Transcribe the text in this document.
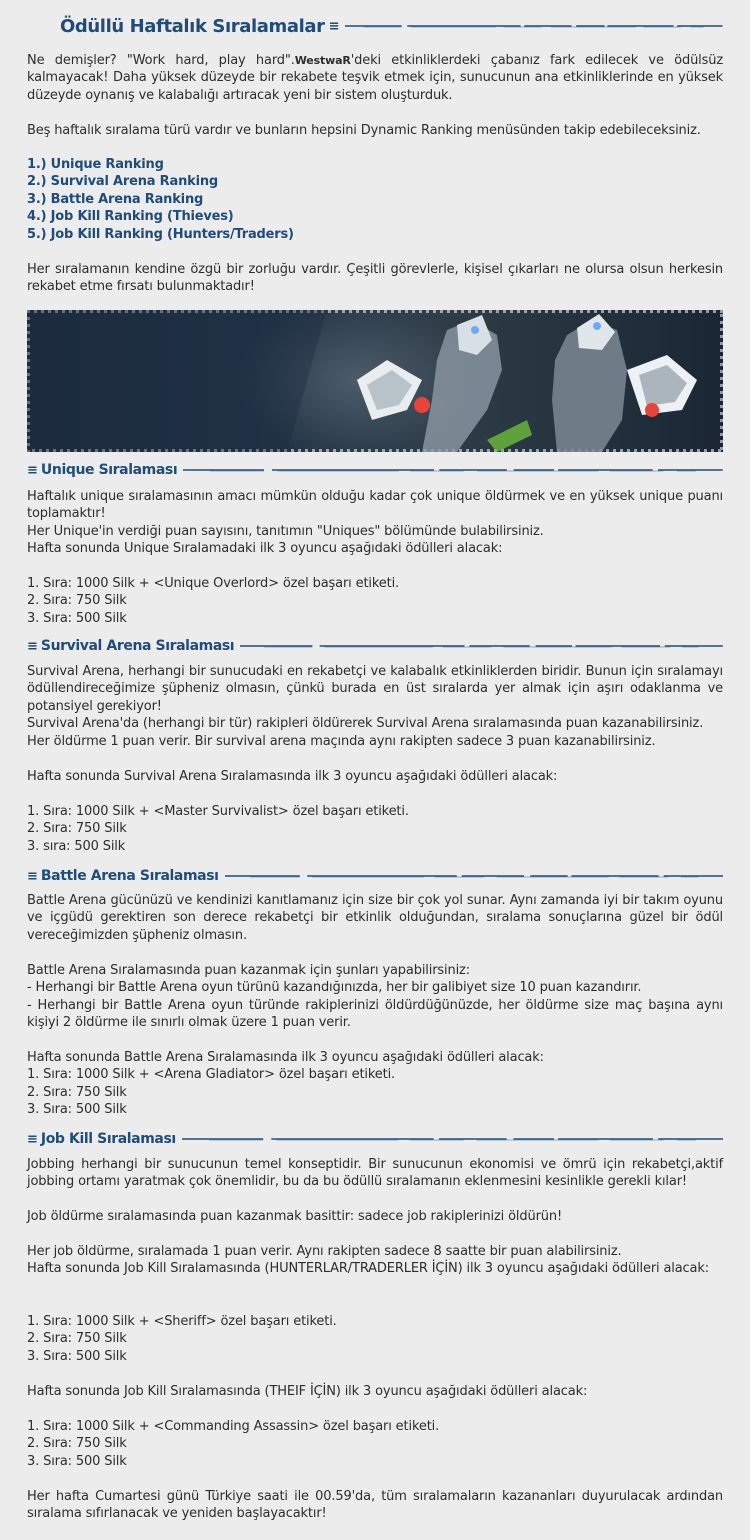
Ödüllü Haftalık Sıralamalar ≡
Ne demişler? "Work hard, play hard".WestwaR'deki etkinliklerdeki çabanız fark edilecek ve ödülsüz kalmayacak! Daha yüksek düzeyde bir rekabete teşvik etmek için, sunucunun ana etkinliklerinde en yüksek düzeyde oynanış ve kalabalığı artıracak yeni bir sistem oluşturduk.
Beş haftalık sıralama türü vardır ve bunların hepsini Dynamic Ranking menüsünden takip edebileceksiniz.
1.) Unique Ranking
2.) Survival Arena Ranking
3.) Battle Arena Ranking
4.) Job Kill Ranking (Thieves)
5.) Job Kill Ranking (Hunters/Traders)
Her sıralamanın kendine özgü bir zorluğu vardır. Çeşitli görevlerle, kişisel çıkarları ne olursa olsun herkesin rekabet etme fırsatı bulunmaktadır!
≡ Unique Sıralaması
Haftalık unique sıralamasının amacı mümkün olduğu kadar çok unique öldürmek ve en yüksek unique puanı toplamaktır!
Her Unique'in verdiği puan sayısını, tanıtımın "Uniques" bölümünde bulabilirsiniz.
Hafta sonunda Unique Sıralamadaki ilk 3 oyuncu aşağıdaki ödülleri alacak:
1. Sıra: 1000 Silk + <Unique Overlord> özel başarı etiketi.
2. Sıra: 750 Silk
3. Sıra: 500 Silk
≡ Survival Arena Sıralaması
Survival Arena, herhangi bir sunucudaki en rekabetçi ve kalabalık etkinliklerden biridir. Bunun için sıralamayı ödüllendireceğimize şüpheniz olmasın, çünkü burada en üst sıralarda yer almak için aşırı odaklanma ve potansiyel gerekiyor!
Survival Arena'da (herhangi bir tür) rakipleri öldürerek Survival Arena sıralamasında puan kazanabilirsiniz.
Her öldürme 1 puan verir. Bir survival arena maçında aynı rakipten sadece 3 puan kazanabilirsiniz.
Hafta sonunda Survival Arena Sıralamasında ilk 3 oyuncu aşağıdaki ödülleri alacak:
1. Sıra: 1000 Silk + <Master Survivalist> özel başarı etiketi.
2. Sıra: 750 Silk
3. sıra: 500 Silk
≡ Battle Arena Sıralaması
Battle Arena gücünüzü ve kendinizi kanıtlamanız için size bir çok yol sunar. Aynı zamanda iyi bir takım oyunu ve içgüdü gerektiren son derece rekabetçi bir etkinlik olduğundan, sıralama sonuçlarına güzel bir ödül vereceğimizden şüpheniz olmasın.
Battle Arena Sıralamasında puan kazanmak için şunları yapabilirsiniz:
- Herhangi bir Battle Arena oyun türünü kazandığınızda, her bir galibiyet size 10 puan kazandırır.
- Herhangi bir Battle Arena oyun türünde rakiplerinizi öldürdüğünüzde, her öldürme size maç başına aynı kişiyi 2 öldürme ile sınırlı olmak üzere 1 puan verir.
Hafta sonunda Battle Arena Sıralamasında ilk 3 oyuncu aşağıdaki ödülleri alacak:
1. Sıra: 1000 Silk + <Arena Gladiator> özel başarı etiketi.
2. Sıra: 750 Silk
3. Sıra: 500 Silk
≡ Job Kill Sıralaması
Jobbing herhangi bir sunucunun temel konseptidir. Bir sunucunun ekonomisi ve ömrü için rekabetçi,aktif jobbing ortamı yaratmak çok önemlidir, bu da bu ödüllü sıralamanın eklenmesini kesinlikle gerekli kılar!
Job öldürme sıralamasında puan kazanmak basittir: sadece job rakiplerinizi öldürün!
Her job öldürme, sıralamada 1 puan verir. Aynı rakipten sadece 8 saatte bir puan alabilirsiniz.
Hafta sonunda Job Kill Sıralamasında (HUNTERLAR/TRADERLER İÇİN) ilk 3 oyuncu aşağıdaki ödülleri alacak:
1. Sıra: 1000 Silk + <Sheriff> özel başarı etiketi.
2. Sıra: 750 Silk
3. Sıra: 500 Silk
Hafta sonunda Job Kill Sıralamasında (THEIF İÇİN) ilk 3 oyuncu aşağıdaki ödülleri alacak:
1. Sıra: 1000 Silk + <Commanding Assassin> özel başarı etiketi.
2. Sıra: 750 Silk
3. Sıra: 500 Silk
Her hafta Cumartesi günü Türkiye saati ile 00.59'da, tüm sıralamaların kazananları duyurulacak ardından sıralama sıfırlanacak ve yeniden başlayacaktır!
